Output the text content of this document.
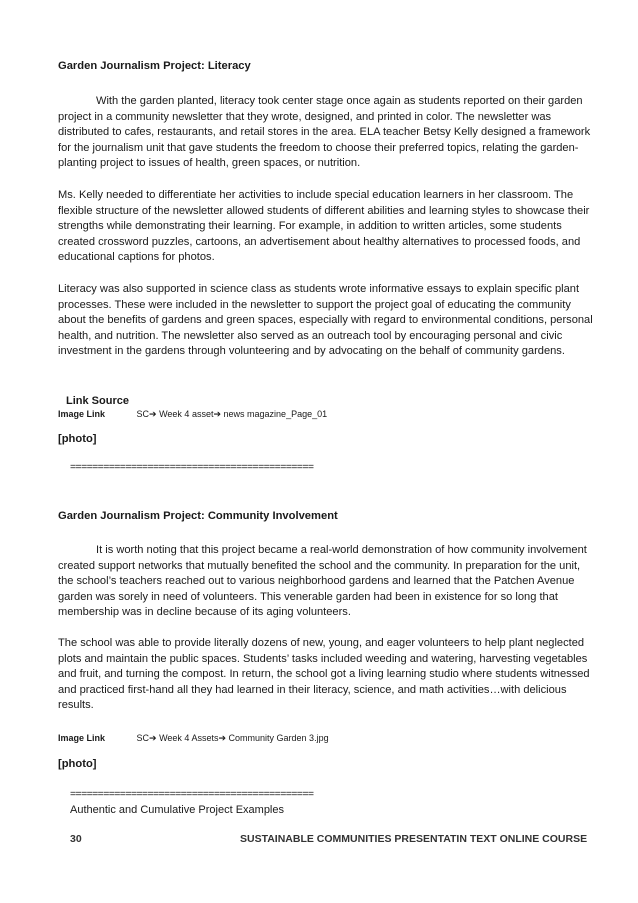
Garden Journalism Project: Literacy

With the garden planted, literacy took center stage once again as students reported on their garden project in a community newsletter that they wrote, designed, and printed in color. The newsletter was distributed to cafes, restaurants, and retail stores in the area. ELA teacher Betsy Kelly designed a framework for the journalism unit that gave students the freedom to choose their preferred topics, relating the garden-planting project to issues of health, green spaces, or nutrition.

Ms. Kelly needed to differentiate her activities to include special education learners in her classroom. The flexible structure of the newsletter allowed students of different abilities and learning styles to showcase their strengths while demonstrating their learning. For example, in addition to written articles, some students created crossword puzzles, cartoons, an advertisement about healthy alternatives to processed foods, and educational captions for photos.

Literacy was also supported in science class as students wrote informative essays to explain specific plant processes. These were included in the newsletter to support the project goal of educating the community about the benefits of gardens and green spaces, especially with regard to environmental conditions, personal health, and nutrition. The newsletter also served as an outreach tool by encouraging personal and civic investment in the gardens through volunteering and by advocating on the behalf of community gardens.

Link Source
Image Link	SC➔ Week 4 asset➔ news magazine_Page_01
[photo]
============================================
Garden Journalism Project: Community Involvement

It is worth noting that this project became a real-world demonstration of how community involvement created support networks that mutually benefited the school and the community. In preparation for the unit, the school’s teachers reached out to various neighborhood gardens and learned that the Patchen Avenue garden was sorely in need of volunteers. This venerable garden had been in existence for so long that membership was in decline because of its aging volunteers.

The school was able to provide literally dozens of new, young, and eager volunteers to help plant neglected plots and maintain the public spaces. Students’ tasks included weeding and watering, harvesting vegetables and fruit, and turning the compost. In return, the school got a living learning studio where students witnessed and practiced first-hand all they had learned in their literacy, science, and math activities…with delicious results.

Image Link	SC➔ Week 4 Assets➔ Community Garden 3.jpg
[photo]
============================================
Authentic and Cumulative Project Examples
30	SUSTAINABLE COMMUNITIES PRESENTATIN TEXT ONLINE COURSE
